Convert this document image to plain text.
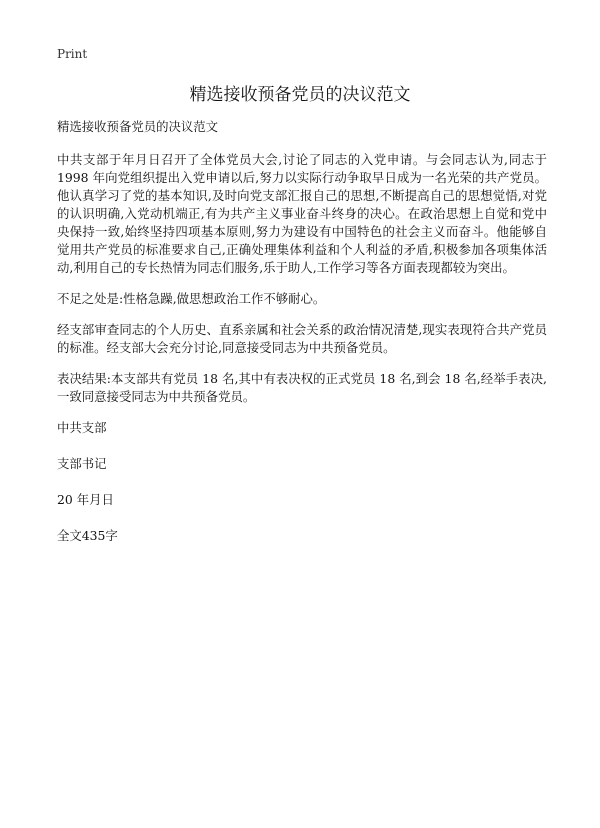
Print
精选接收预备党员的决议范文

精选接收预备党员的决议范文

中共支部于年月日召开了全体党员大会,讨论了同志的入党申请。与会同志认为,同志于 1998 年向党组织提出入党申请以后,努力以实际行动争取早日成为一名光荣的共产党员。他认真学习了党的基本知识,及时向党支部汇报自己的思想,不断提高自己的思想觉悟,对党的认识明确,入党动机端正,有为共产主义事业奋斗终身的决心。在政治思想上自觉和党中央保持一致,始终坚持四项基本原则,努力为建设有中国特色的社会主义而奋斗。他能够自觉用共产党员的标准要求自己,正确处理集体利益和个人利益的矛盾,积极参加各项集体活动,利用自己的专长热情为同志们服务,乐于助人,工作学习等各方面表现都较为突出。

不足之处是:性格急躁,做思想政治工作不够耐心。

经支部审查同志的个人历史、直系亲属和社会关系的政治情况清楚,现实表现符合共产党员的标准。经支部大会充分讨论,同意接受同志为中共预备党员。

表决结果:本支部共有党员 18 名,其中有表决权的正式党员 18 名,到会 18 名,经举手表决,一致同意接受同志为中共预备党员。

中共支部

支部书记

20 年月日

全文435字
